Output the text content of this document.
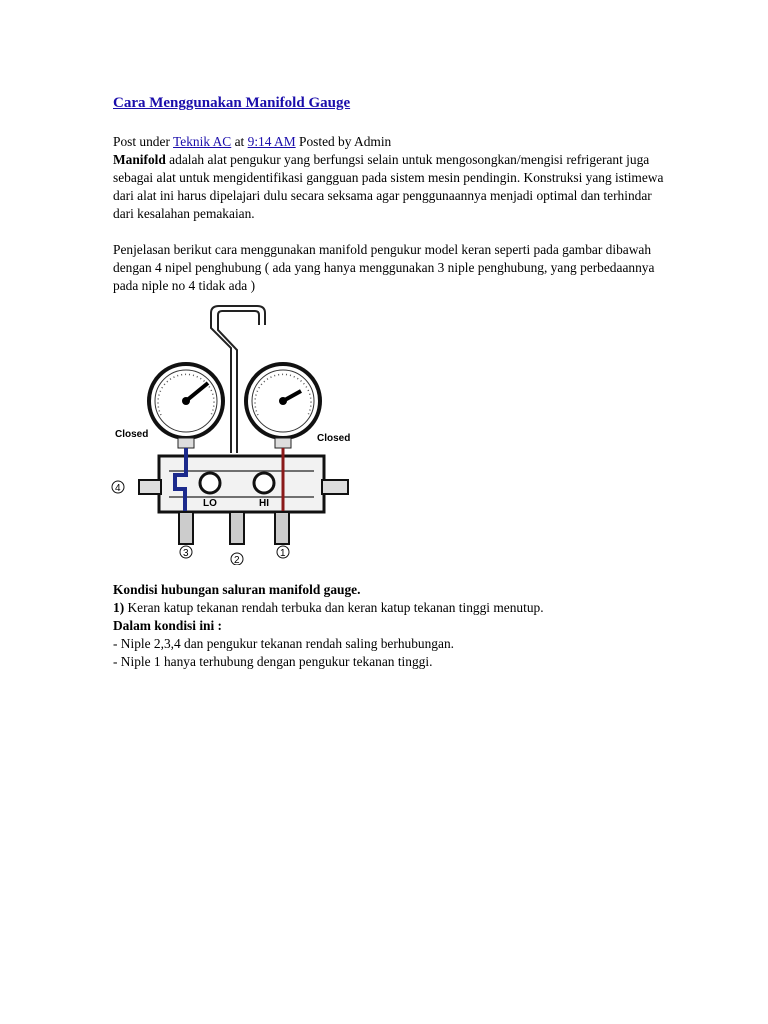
Cara Menggunakan Manifold Gauge
Post under Teknik AC at 9:14 AM Posted by Admin

Manifold adalah alat pengukur yang berfungsi selain untuk mengosongkan/mengisi refrigerant juga sebagai alat untuk mengidentifikasi gangguan pada sistem mesin pendingin. Konstruksi yang istimewa dari alat ini harus dipelajari dulu secara seksama agar penggunaannya menjadi optimal dan terhindar dari kesalahan pemakaian.

Penjelasan berikut cara menggunakan manifold pengukur model keran seperti pada gambar dibawah dengan 4 nipel penghubung ( ada yang hanya menggunakan 3 niple penghubung, yang perbedaannya pada niple no 4 tidak ada )

LO	HI
Closed	Closed
4
3
2
1
Kondisi hubungan saluran manifold gauge.
1) Keran katup tekanan rendah terbuka dan keran katup tekanan tinggi menutup.
Dalam kondisi ini :
- Niple 2,3,4 dan pengukur tekanan rendah saling berhubungan.
- Niple 1 hanya terhubung dengan pengukur tekanan tinggi.
